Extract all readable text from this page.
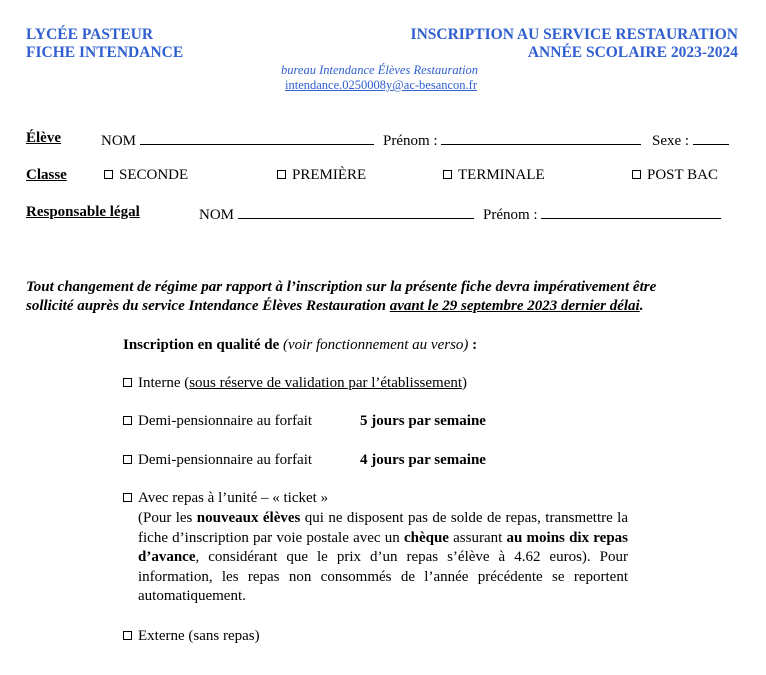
LYCÉE PASTEUR
FICHE INTENDANCE
INSCRIPTION AU SERVICE RESTAURATION
ANNÉE SCOLAIRE 2023-2024
bureau Intendance Élèves Restauration
intendance.0250008y@ac-besancon.fr
Élève	NOM	Prénom :	Sexe :
Classe	SECONDE	PREMIÈRE	TERMINALE	POST BAC
Responsable légal	NOM	Prénom :
Tout changement de régime par rapport à l’inscription sur la présente fiche devra impérativement être
sollicité auprès du service Intendance Élèves Restauration avant le 29 septembre 2023 dernier délai.
Inscription en qualité de (voir fonctionnement au verso) :
Interne (sous réserve de validation par l’établissement)
Demi-pensionnaire au forfait	5 jours par semaine
Demi-pensionnaire au forfait	4 jours par semaine
Avec repas à l’unité – « ticket »
(Pour les nouveaux élèves qui ne disposent pas de solde de repas, transmettre la fiche d’inscription par voie postale avec un chèque assurant au moins dix repas d’avance, considérant que le prix d’un repas s’élève à 4.62 euros). Pour information, les repas non consommés de l’année précédente se reportent automatiquement.
Externe (sans repas)
